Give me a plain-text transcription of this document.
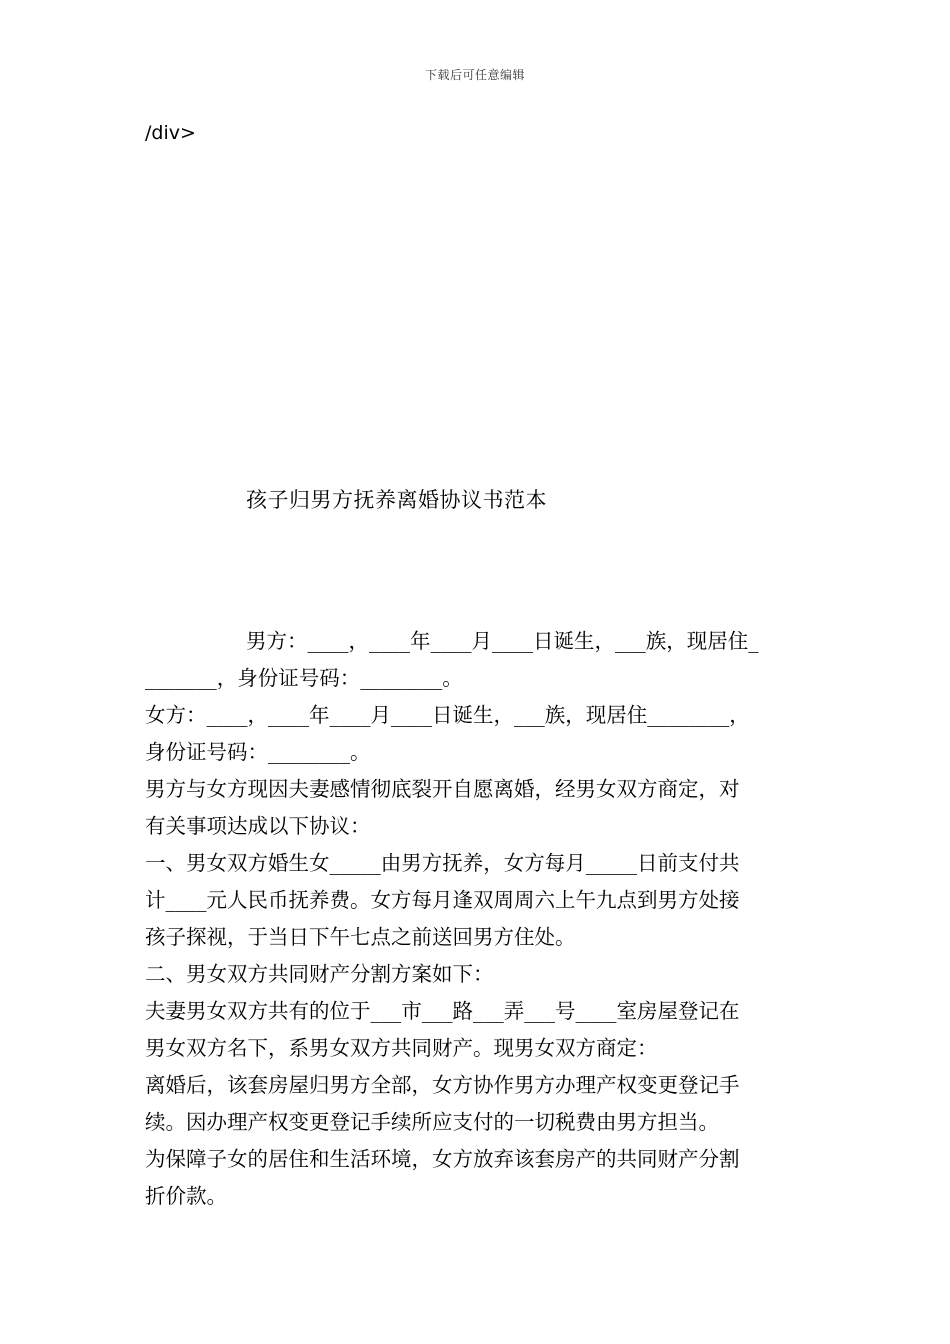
下载后可任意编辑
/div>
孩子归男方抚养离婚协议书范本

男方：____，____年____月____日诞生，___族，现居住_

_______，身份证号码：________。

女方：____，____年____月____日诞生，___族，现居住________，

身份证号码：________。

男方与女方现因夫妻感情彻底裂开自愿离婚，经男女双方商定，对

有关事项达成以下协议：

一、男女双方婚生女_____由男方抚养，女方每月_____日前支付共

计____元人民币抚养费。女方每月逢双周周六上午九点到男方处接

孩子探视，于当日下午七点之前送回男方住处。

二、男女双方共同财产分割方案如下：

夫妻男女双方共有的位于___市___路___弄___号____室房屋登记在

男女双方名下，系男女双方共同财产。现男女双方商定：

离婚后，该套房屋归男方全部，女方协作男方办理产权变更登记手

续。因办理产权变更登记手续所应支付的一切税费由男方担当。

为保障子女的居住和生活环境，女方放弃该套房产的共同财产分割

折价款。
